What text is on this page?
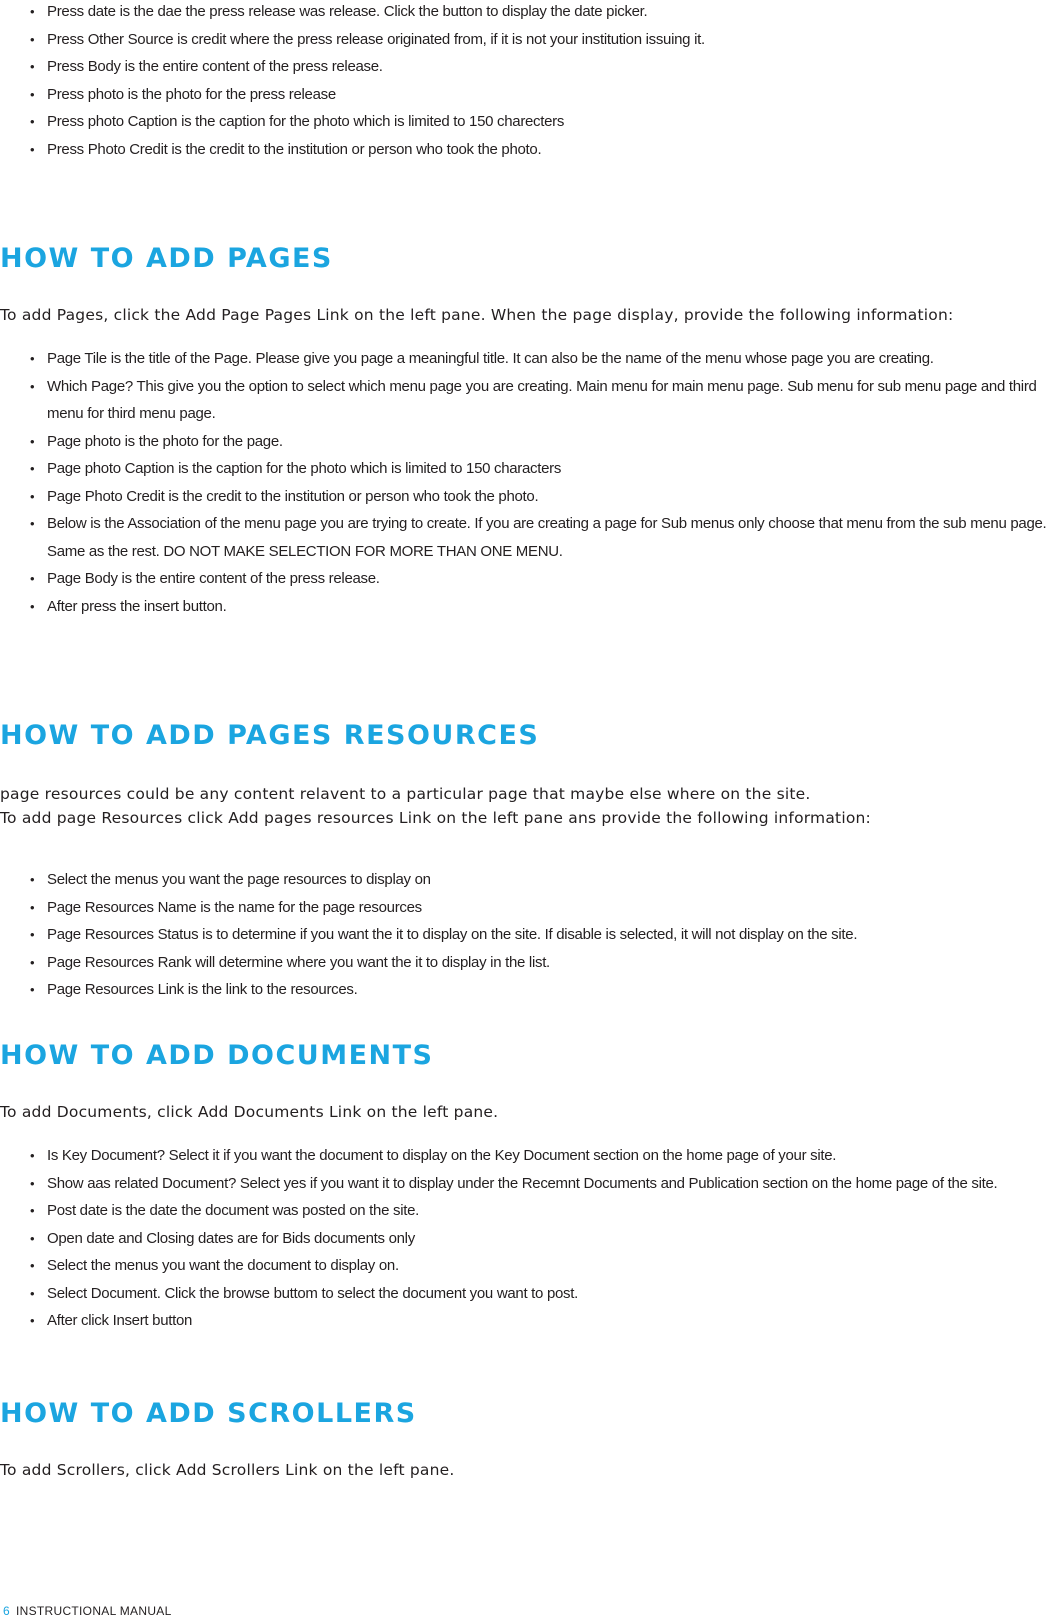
• Press date is the dae the press release was release. Click the button to display the date picker.
• Press Other Source is credit where the press release originated from, if it is not your institution issuing it.
• Press Body is the entire content of the press release.
• Press photo is the photo for the press release
• Press photo Caption is the caption for the photo which is limited to 150 charecters
• Press Photo Credit is the credit to the institution or person who took the photo.
HOW TO ADD PAGES

To add Pages, click the Add Page Pages Link on the left pane. When the page display, provide the following information:

• Page Tile is the title of the Page. Please give you page a meaningful title. It can also be the name of the menu whose page you are creating.
• Which Page? This give you the option to select which menu page you are creating. Main menu for main menu page. Sub menu for sub menu page and third menu for third menu page.
• Page photo is the photo for the page.
• Page photo Caption is the caption for the photo which is limited to 150 characters
• Page Photo Credit is the credit to the institution or person who took the photo.
• Below is the Association of the menu page you are trying to create. If you are creating a page for Sub menus only choose that menu from the sub menu page. Same as the rest. DO NOT MAKE SELECTION FOR MORE THAN ONE MENU.
• Page Body is the entire content of the press release.
• After press the insert button.
HOW TO ADD PAGES RESOURCES

page resources could be any content relavent to a particular page that maybe else where on the site.

To add page Resources click Add pages resources Link on the left pane ans provide the following information:

• Select the menus you want the page resources to display on
• Page Resources Name is the name for the page resources
• Page Resources Status is to determine if you want the it to display on the site. If disable is selected, it will not display on the site.
• Page Resources Rank will determine where you want the it to display in the list.
• Page Resources Link is the link to the resources.
HOW TO ADD DOCUMENTS

To add Documents, click Add Documents Link on the left pane.

• Is Key Document? Select it if you want the document to display on the Key Document section on the home page of your site.
• Show aas related Document? Select yes if you want it to display under the Recemnt Documents and Publication section on the home page of the site.
• Post date is the date the document was posted on the site.
• Open date and Closing dates are for Bids documents only
• Select the menus you want the document to display on.
• Select Document. Click the browse buttom to select the document you want to post.
• After click Insert button
HOW TO ADD SCROLLERS

To add Scrollers, click Add Scrollers Link on the left pane.

6 INSTRUCTIONAL MANUAL
